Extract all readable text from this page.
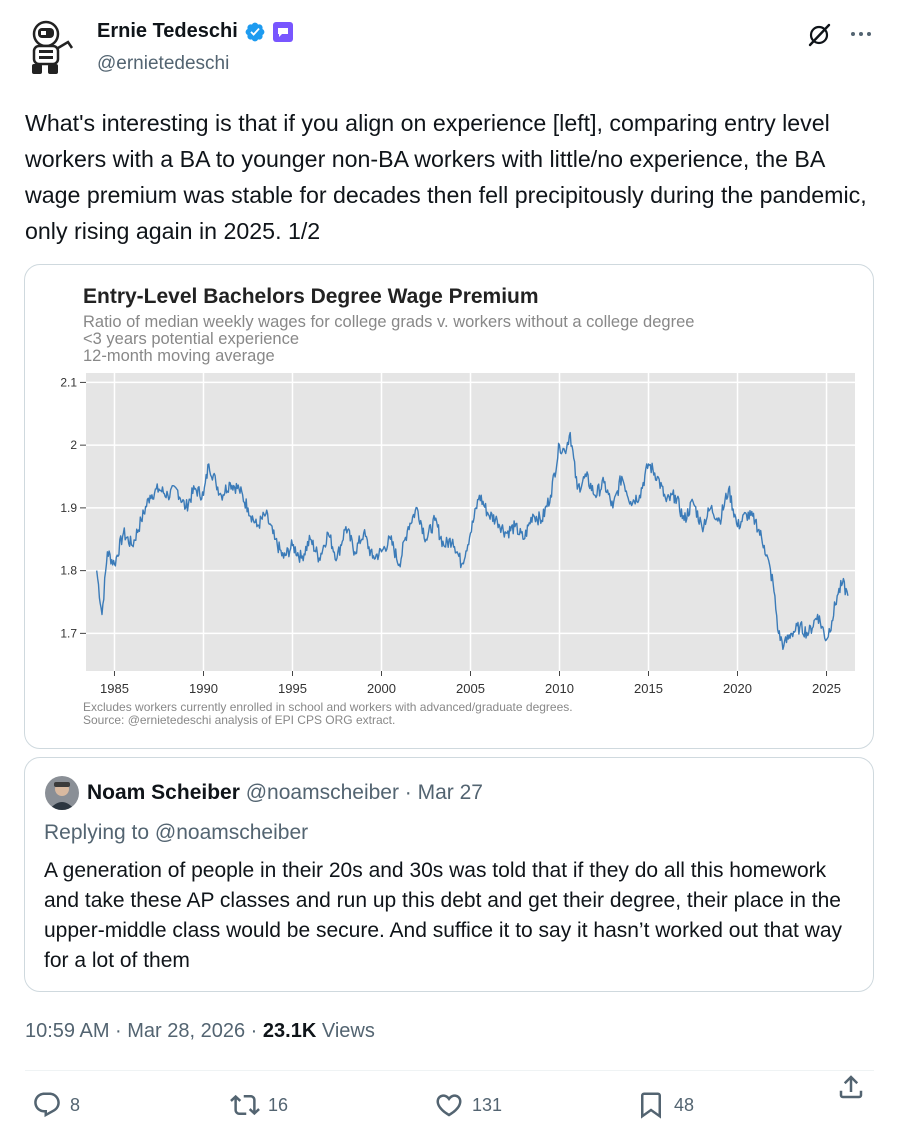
Ernie Tedeschi
@ernietedeschi
What's interesting is that if you align on experience [left], comparing entry level workers with a BA to younger non-BA workers with little/no experience, the BA wage premium was stable for decades then fell precipitously during the pandemic, only rising again in 2025. 1/2
Entry-Level Bachelors Degree Wage Premium
Ratio of median weekly wages for college grads v. workers without a college degree
<3 years potential experience
12-month moving average
1.7
1.8
1.9
2
2.1
1985	1990	1995	2000	2005	2010	2015	2020	2025
Excludes workers currently enrolled in school and workers with advanced/graduate degrees.
Source: @ernietedeschi analysis of EPI CPS ORG extract.
Noam Scheiber @noamscheiber · Mar 27
Replying to @noamscheiber
A generation of people in their 20s and 30s was told that if they do all this homework and take these AP classes and run up this debt and get their degree, their place in the upper-middle class would be secure. And suffice it to say it hasn’t worked out that way for a lot of them
10:59 AM · Mar 28, 2026 · 23.1K Views
8	16	131	48
